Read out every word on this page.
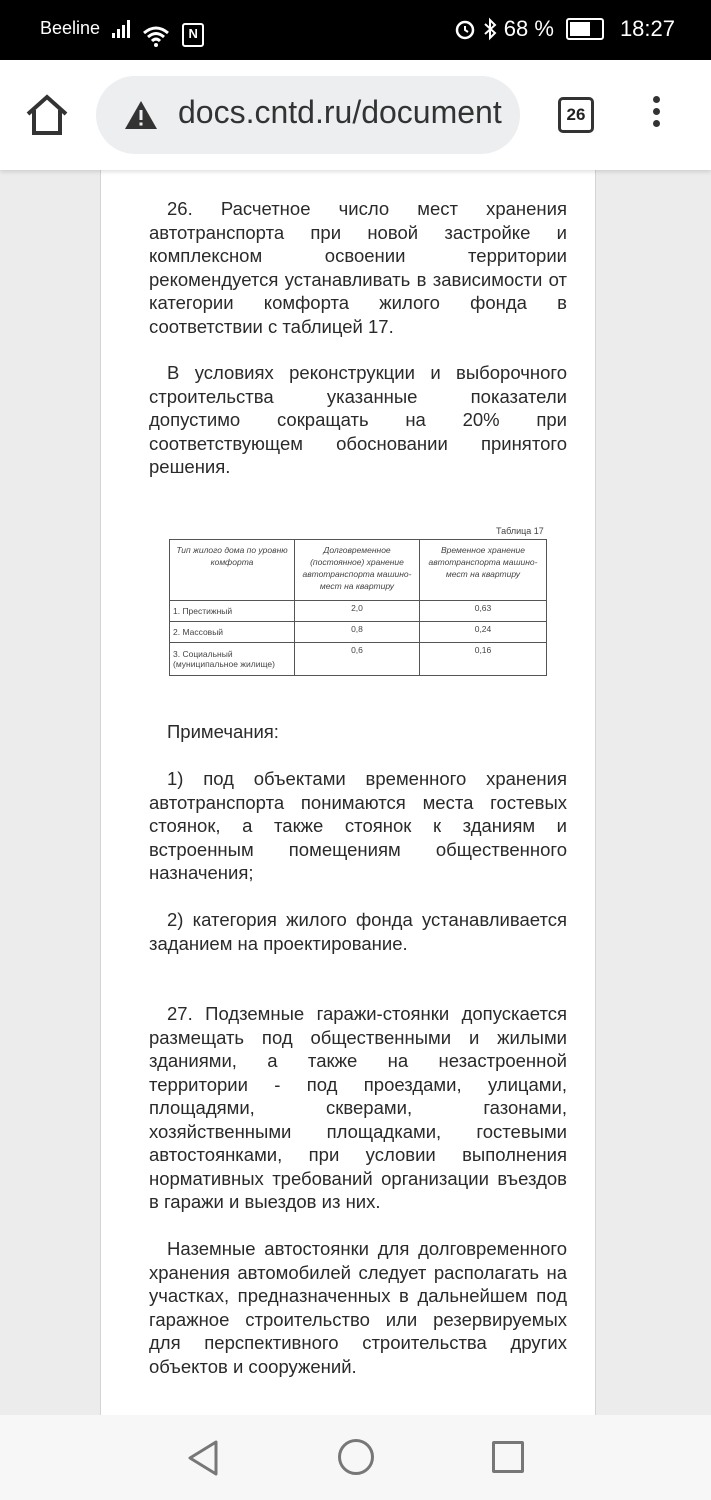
Beeline	N	68 %	18:27
docs.cntd.ru/document	26
26. Расчетное число мест хранения автотранспорта при новой застройке и комплексном освоении территории рекомендуется устанавливать в зависимости от категории комфорта жилого фонда в соответствии с таблицей 17.
В условиях реконструкции и выборочного строительства указанные показатели допустимо сокращать на 20% при соответствующем обосновании принятого решения.
Таблица 17
Тип жилого дома по уровню комфорта	Долговременное (постоянное) хранение автотранспорта машино-мест на квартиру	Временное хранение автотранспорта машино-мест на квартиру
1. Престижный	2,0	0,63
2. Массовый	0,8	0,24
3. Социальный (муниципальное жилище)	0,6	0,16
Примечания:
1) под объектами временного хранения автотранспорта понимаются места гостевых стоянок, а также стоянок к зданиям и встроенным помещениям общественного назначения;
2) категория жилого фонда устанавливается заданием на проектирование.
27. Подземные гаражи-стоянки допускается размещать под общественными и жилыми зданиями, а также на незастроенной территории - под проездами, улицами, площадями, скверами, газонами, хозяйственными площадками, гостевыми автостоянками, при условии выполнения нормативных требований организации въездов в гаражи и выездов из них.
Наземные автостоянки для долговременного хранения автомобилей следует располагать на участках, предназначенных в дальнейшем под гаражное строительство или резервируемых для перспективного строительства других объектов и сооружений.
